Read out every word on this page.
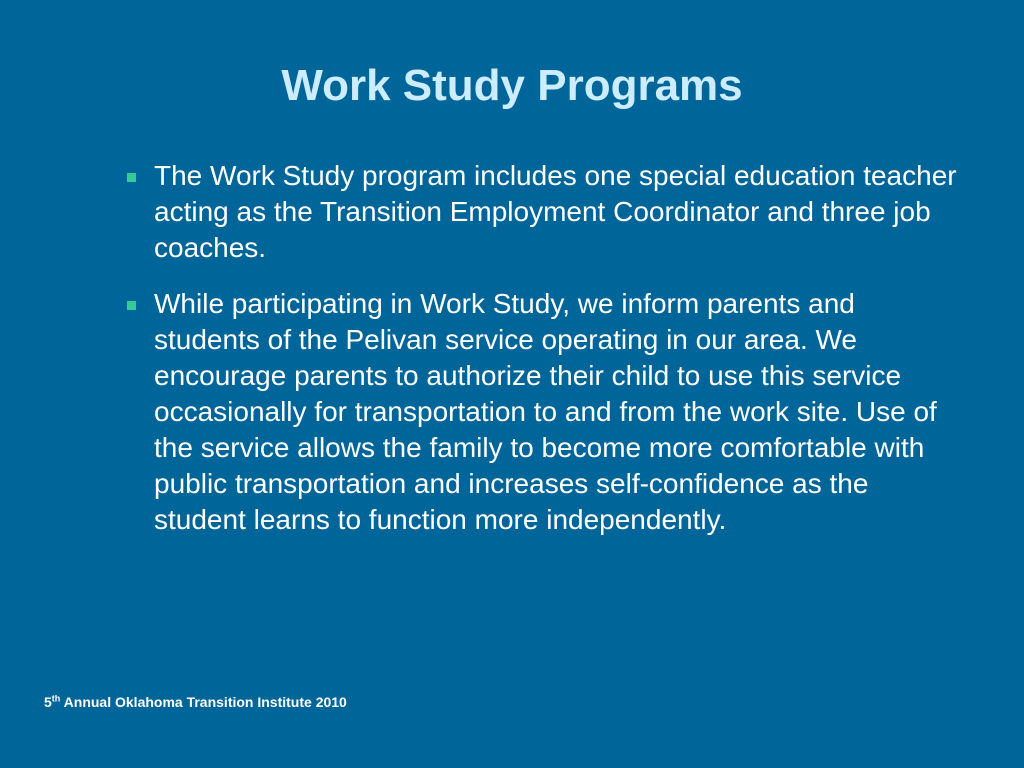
Work Study Programs
The Work Study program includes one special education teacher acting as the Transition Employment Coordinator and three job coaches.
While participating in Work Study, we inform parents and students of the Pelivan service operating in our area. We encourage parents to authorize their child to use this service occasionally for transportation to and from the work site. Use of the service allows the family to become more comfortable with public transportation and increases self-confidence as the student learns to function more independently.
5th Annual Oklahoma Transition Institute 2010
